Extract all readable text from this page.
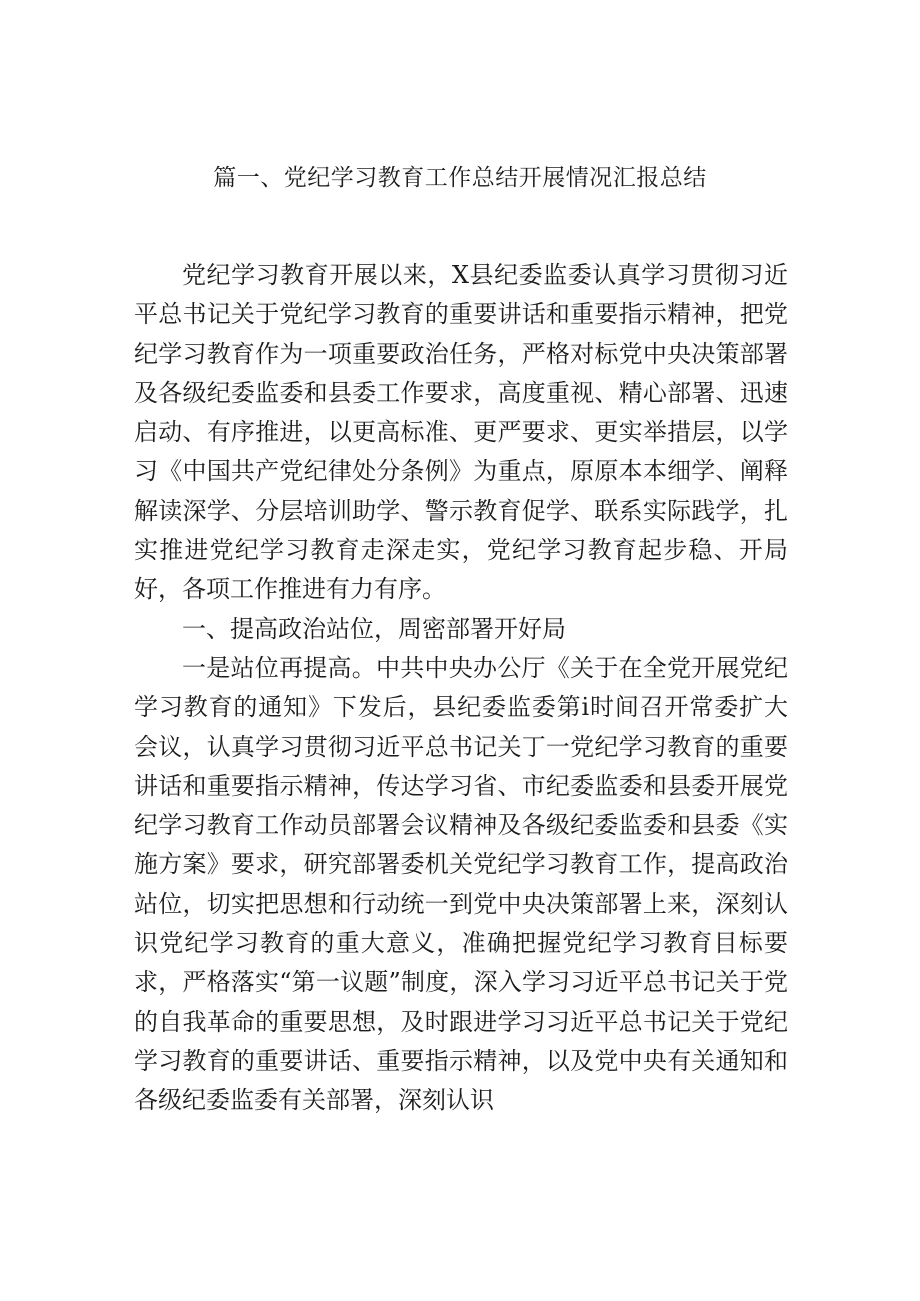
篇一、党纪学习教育工作总结开展情况汇报总结

党纪学习教育开展以来，X县纪委监委认真学习贯彻习近平总书记关于党纪学习教育的重要讲话和重要指示精神，把党纪学习教育作为一项重要政治任务，严格对标党中央决策部署及各级纪委监委和县委工作要求，高度重视、精心部署、迅速启动、有序推进，以更高标准、更严要求、更实举措层，以学习《中国共产党纪律处分条例》为重点，原原本本细学、阐释解读深学、分层培训助学、警示教育促学、联系实际践学，扎实推进党纪学习教育走深走实，党纪学习教育起步稳、开局好，各项工作推进有力有序。

一、提高政治站位，周密部署开好局

一是站位再提高。中共中央办公厅《关于在全党开展党纪学习教育的通知》下发后，县纪委监委第i时间召开常委扩大会议，认真学习贯彻习近平总书记关丁一党纪学习教育的重要讲话和重要指示精神，传达学习省、市纪委监委和县委开展党纪学习教育工作动员部署会议精神及各级纪委监委和县委《实施方案》要求，研究部署委机关党纪学习教育工作，提高政治站位，切实把思想和行动统一到党中央决策部署上来，深刻认识党纪学习教育的重大意义，准确把握党纪学习教育目标要求，严格落实“第一议题”制度，深入学习习近平总书记关于党的自我革命的重要思想，及时跟进学习习近平总书记关于党纪学习教育的重要讲话、重要指示精神，以及党中央有关通知和各级纪委监委有关部署，深刻认识
